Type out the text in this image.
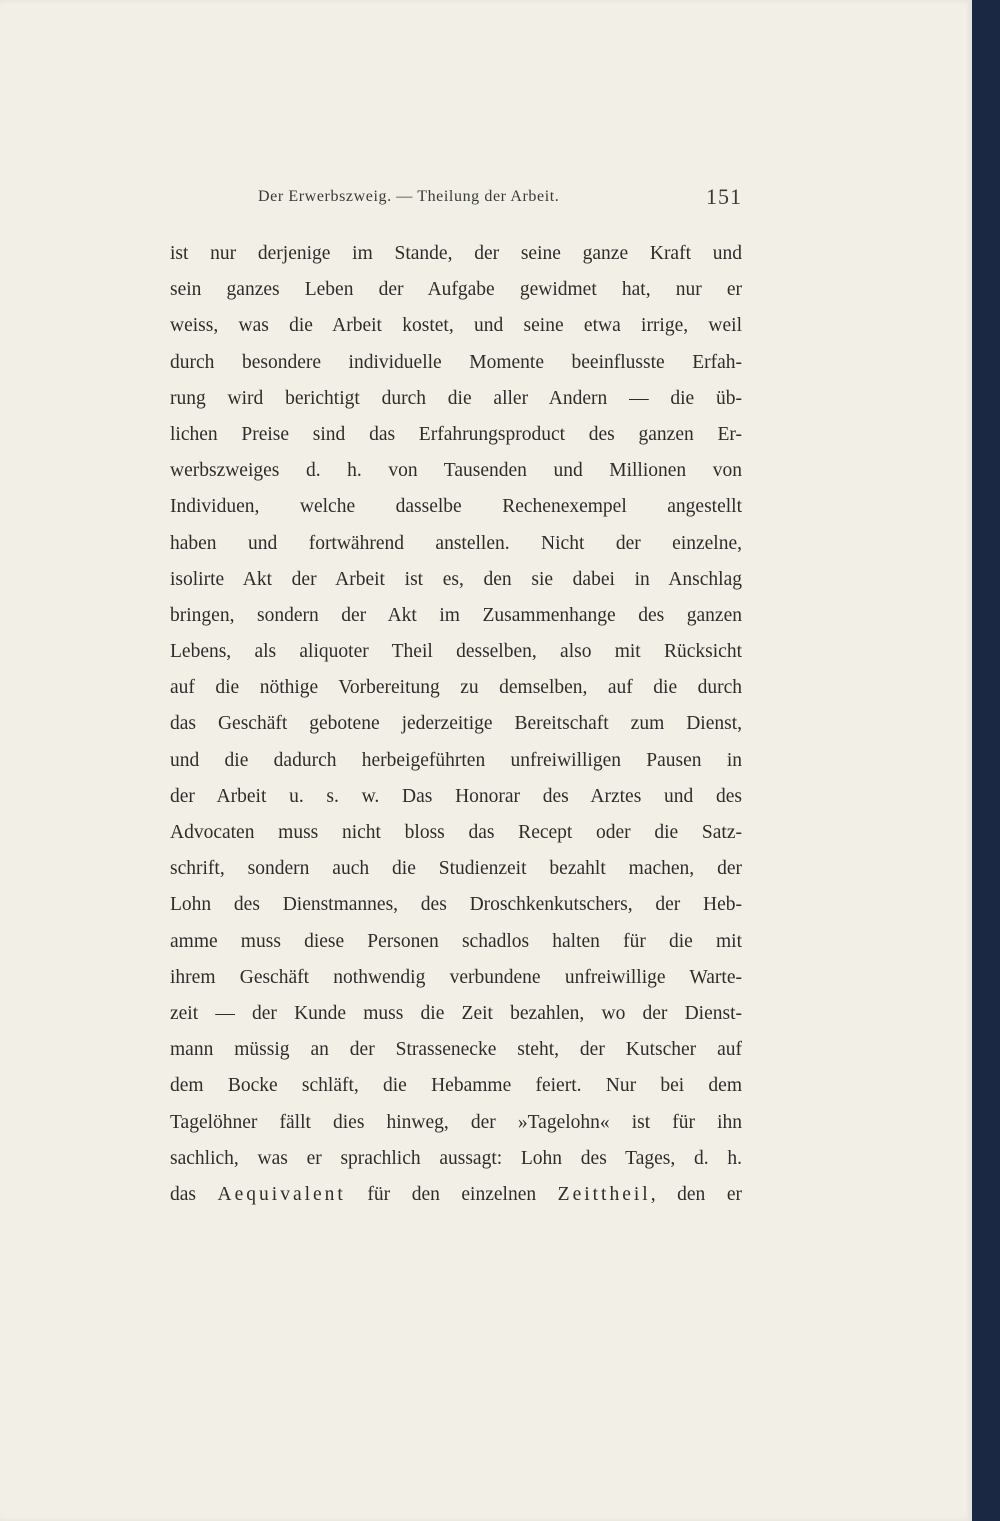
Der Erwerbszweig. — Theilung der Arbeit.	151
ist nur derjenige im Stande, der seine ganze Kraft und
sein ganzes Leben der Aufgabe gewidmet hat, nur er
weiss, was die Arbeit kostet, und seine etwa irrige, weil
durch besondere individuelle Momente beeinflusste Erfah-
rung wird berichtigt durch die aller Andern — die üb-
lichen Preise sind das Erfahrungsproduct des ganzen Er-
werbszweiges d. h. von Tausenden und Millionen von
Individuen, welche dasselbe Rechenexempel angestellt
haben und fortwährend anstellen. Nicht der einzelne,
isolirte Akt der Arbeit ist es, den sie dabei in Anschlag
bringen, sondern der Akt im Zusammenhange des ganzen
Lebens, als aliquoter Theil desselben, also mit Rücksicht
auf die nöthige Vorbereitung zu demselben, auf die durch
das Geschäft gebotene jederzeitige Bereitschaft zum Dienst,
und die dadurch herbeigeführten unfreiwilligen Pausen in
der Arbeit u. s. w. Das Honorar des Arztes und des
Advocaten muss nicht bloss das Recept oder die Satz-
schrift, sondern auch die Studienzeit bezahlt machen, der
Lohn des Dienstmannes, des Droschkenkutschers, der Heb-
amme muss diese Personen schadlos halten für die mit
ihrem Geschäft nothwendig verbundene unfreiwillige Warte-
zeit — der Kunde muss die Zeit bezahlen, wo der Dienst-
mann müssig an der Strassenecke steht, der Kutscher auf
dem Bocke schläft, die Hebamme feiert. Nur bei dem
Tagelöhner fällt dies hinweg, der »Tagelohn« ist für ihn
sachlich, was er sprachlich aussagt: Lohn des Tages, d. h.
das Aequivalent für den einzelnen Zeittheil, den er
